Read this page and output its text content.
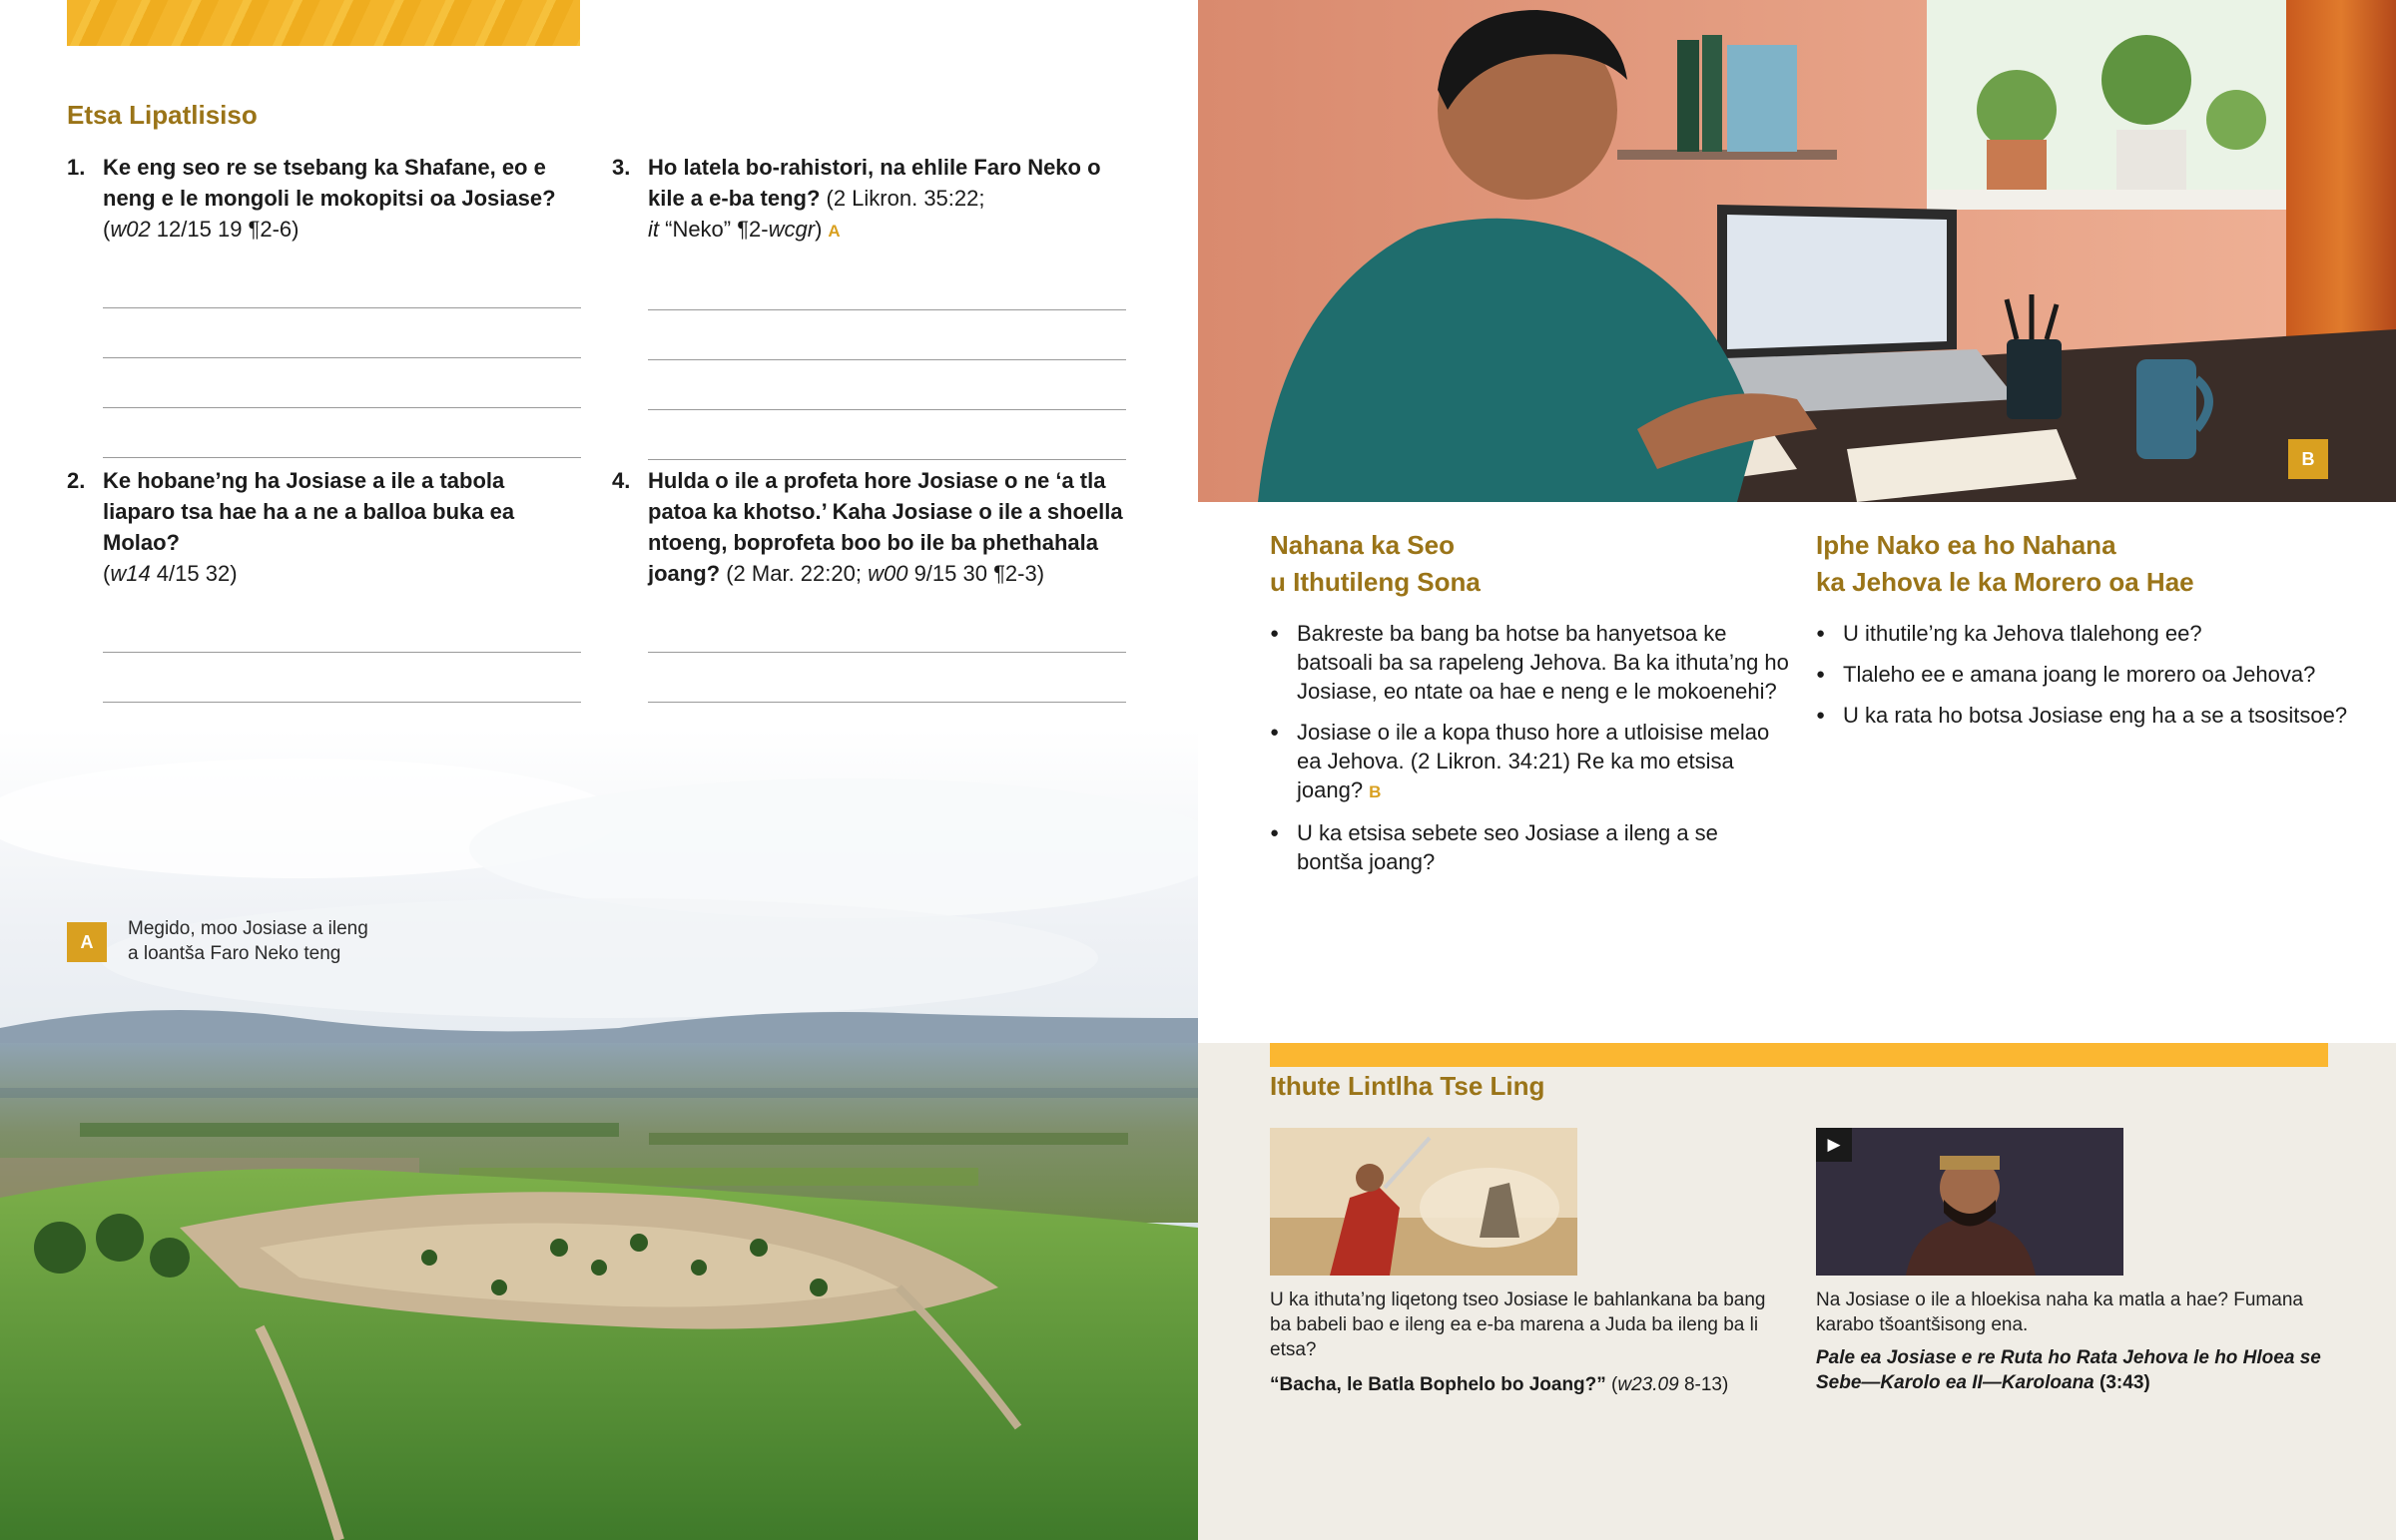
Etsa Lipatlisiso
1. Ke eng seo re se tsebang ka Shafane, eo e neng e le mongoli le mokopitsi oa Josiase?
(w02 12/15 19 ¶2-6)
2. Ke hobane’ng ha Josiase a ile a tabola liaparo tsa hae ha a ne a balloa buka ea Molao?
(w14 4/15 32)
3. Ho latela bo-rahistori, na ehlile Faro Neko o kile a e-ba teng? (2 Likron. 35:22;
it “Neko” ¶2-wcgr) A
4. Hulda o ile a profeta hore Josiase o ne ‘a tla patoa ka khotso.’ Kaha Josiase o ile a shoella ntoeng, boprofeta boo bo ile ba phethahala joang? (2 Mar. 22:20; w00 9/15 30 ¶2-3)
A
Megido, moo Josiase a ileng
a loantša Faro Neko teng
B
Nahana ka Seo
u Ithutileng Sona
● Bakreste ba bang ba hotse ba hanyetsoa ke batsoali ba sa rapeleng Jehova. Ba ka ithuta’ng ho Josiase, eo ntate oa hae e neng e le mokoenehi?
● Josiase o ile a kopa thuso hore a utloisise melao ea Jehova. (2 Likron. 34:21) Re ka mo etsisa joang? B
● U ka etsisa sebete seo Josiase a ileng a se bontša joang?
Iphe Nako ea ho Nahana
ka Jehova le ka Morero oa Hae
● U ithutile’ng ka Jehova tlalehong ee?
● Tlaleho ee e amana joang le morero oa Jehova?
● U ka rata ho botsa Josiase eng ha a se a tsositsoe?
Ithute Lintlha Tse Ling
U ka ithuta’ng liqetong tseo Josiase le bahlankana ba bang ba babeli bao e ileng ea e-ba marena a Juda ba ileng ba li etsa?
“Bacha, le Batla Bophelo bo Joang?” (w23.09 8-13)
▶
Na Josiase o ile a hloekisa naha ka matla a hae? Fumana karabo tšoantšisong ena.
Pale ea Josiase e re Ruta ho Rata Jehova le ho Hloea se Sebe—Karolo ea II—Karoloana (3:43)
